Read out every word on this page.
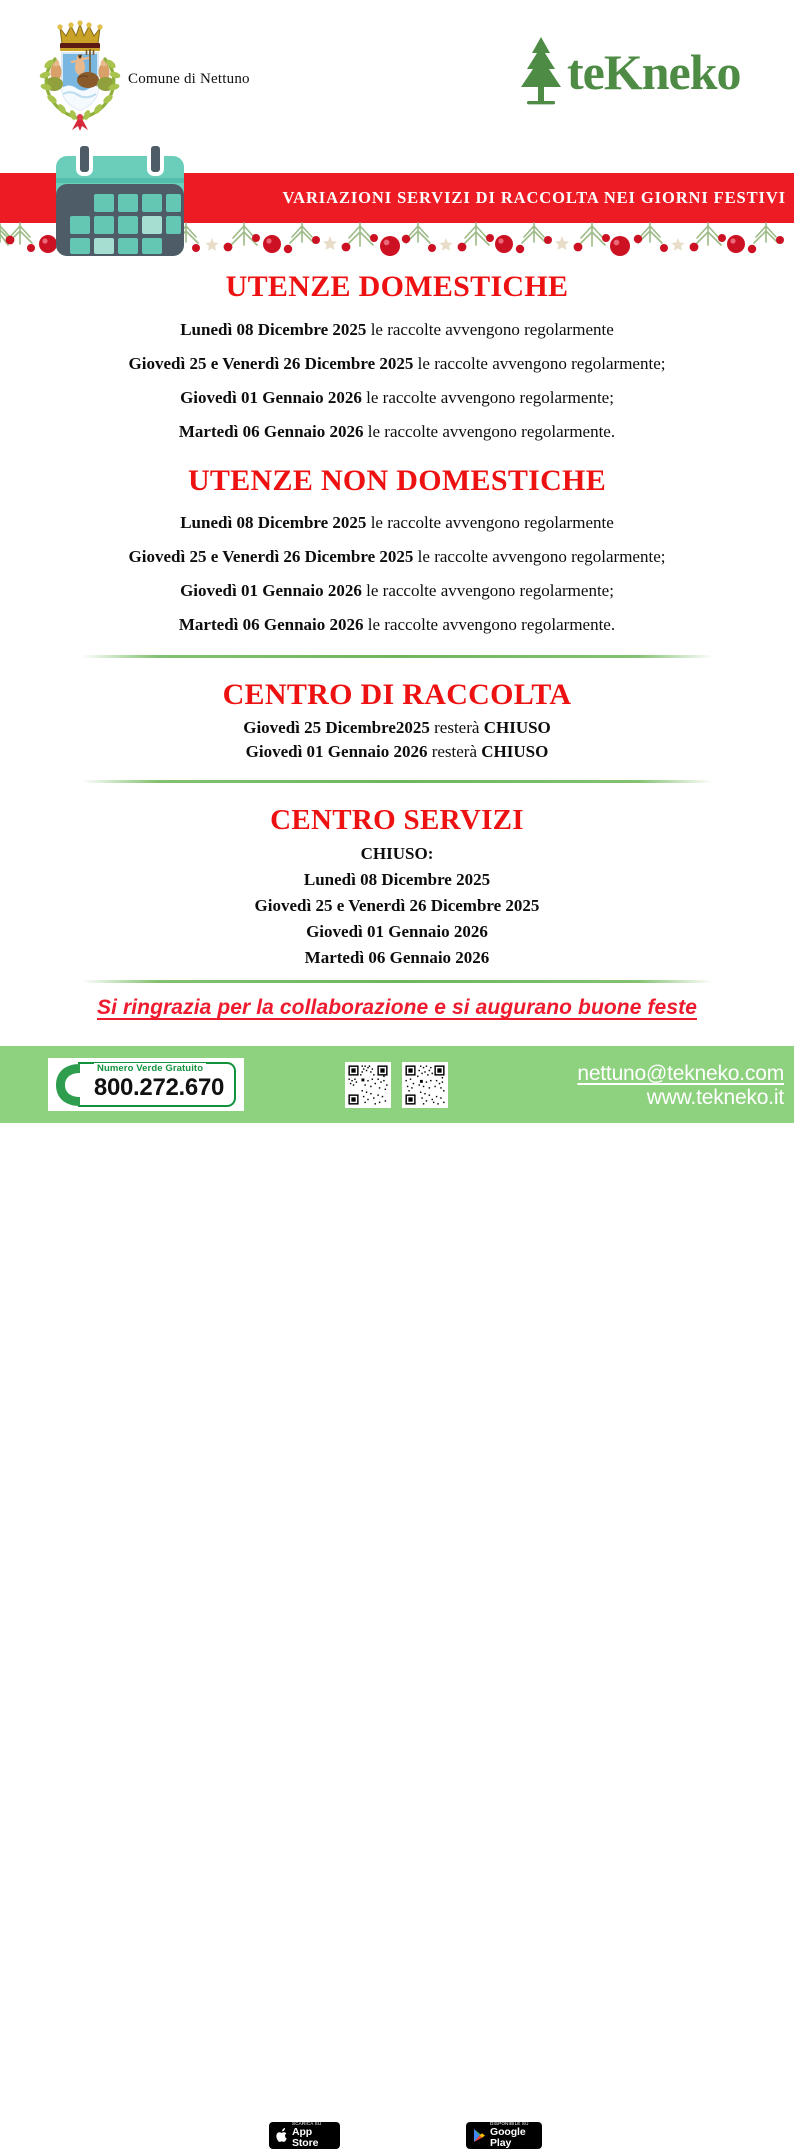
Comune di Nettuno	teKneko
VARIAZIONI SERVIZI DI RACCOLTA NEI GIORNI FESTIVI
UTENZE DOMESTICHE
Lunedì 08 Dicembre 2025 le raccolte avvengono regolarmente
Giovedì 25 e Venerdì 26 Dicembre 2025 le raccolte avvengono regolarmente;
Giovedì 01 Gennaio 2026 le raccolte avvengono regolarmente;
Martedì 06 Gennaio 2026 le raccolte avvengono regolarmente.
UTENZE NON DOMESTICHE
Lunedì 08 Dicembre 2025 le raccolte avvengono regolarmente
Giovedì 25 e Venerdì 26 Dicembre 2025 le raccolte avvengono regolarmente;
Giovedì 01 Gennaio 2026 le raccolte avvengono regolarmente;
Martedì 06 Gennaio 2026 le raccolte avvengono regolarmente.
CENTRO DI RACCOLTA
Giovedì 25 Dicembre2025 resterà CHIUSO
Giovedì 01 Gennaio 2026 resterà CHIUSO
CENTRO SERVIZI
CHIUSO:
Lunedì 08 Dicembre 2025
Giovedì 25 e Venerdì 26 Dicembre 2025
Giovedì 01 Gennaio 2026
Martedì 06 Gennaio 2026
Si ringrazia per la collaborazione e si augurano buone feste
Numero Verde Gratuito
800.272.670
SCARICA SU
App Store
DISPONIBILE SU
Google Play
nettuno@tekneko.com
www.tekneko.it
